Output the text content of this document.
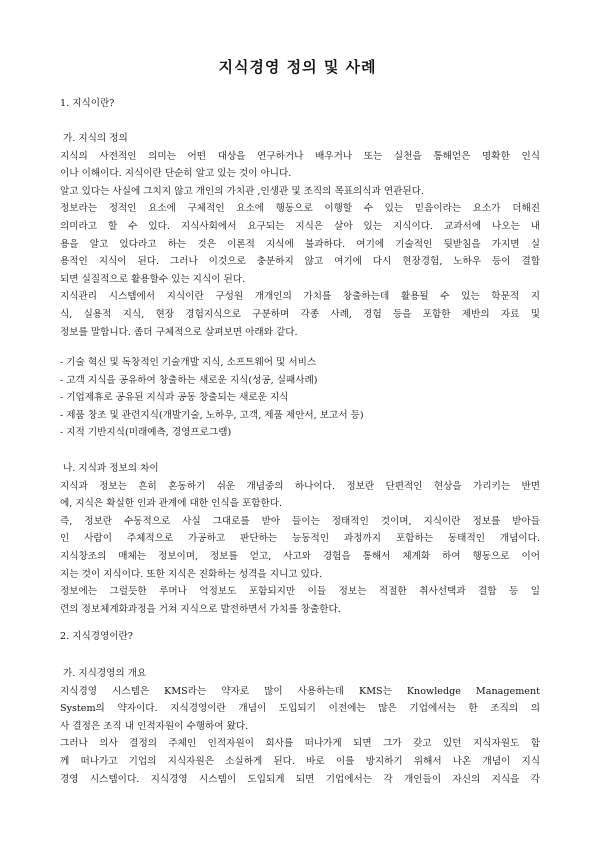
지식경영 정의 및 사례

1. 지식이란?

가. 지식의 정의

지식의 사전적인 의미는 어떤 대상을 연구하거나 배우거나 또는 실천을 통해얻은 명확한 인식

이나 이해이다. 지식이란 단순히 알고 있는 것이 아니다.

알고 있다는 사실에 그치지 않고 개인의 가치관 ,인생관 및 조직의 목표의식과 연관된다.

정보라는 정적인 요소에 구체적인 요소에 행동으로 이행할 수 있는 믿음이라는 요소가 더해진

의미라고 할 수 있다. 지식사회에서 요구되는 지식은 살아 있는 지식이다. 교과서에 나오는 내

용을 알고 있다라고 하는 것은 이론적 지식에 불과하다. 여기에 기술적인 뒷받침을 가지면 실

용적인 지식이 된다. 그러나 이것으로 충분하지 않고 여기에 다시 현장경험, 노하우 등이 결합

되면 실질적으로 활용할수 있는 지식이 된다.

지식관리 시스템에서 지식이란 구성원 개개인의 가치를 창출하는데 활용될 수 있는 학문적 지

식, 실용적 지식, 현장 경험지식으로 구분하며 각종 사례, 경험 등을 포함한 제반의 자료 및

정보를 말합니다. 좀더 구체적으로 살펴보면 아래와 같다.

- 기술 혁신 및 독창적인 기술개발 지식, 소프트웨어 및 서비스

- 고객 지식을 공유하여 창출하는 새로운 지식(성공, 실패사례)

- 기업제휴로 공유된 지식과 공동 창출되는 새로운 지식

- 제품 창조 및 관련지식(개발기술, 노하우, 고객, 제품 제안서, 보고서 등)

- 지적 기반지식(미래예측, 경영프로그램)

나. 지식과 정보의 차이

지식과 정보는 흔히 혼동하기 쉬운 개념중의 하나이다. 정보란 단편적인 현상을 가리키는 반면

에, 지식은 확실한 인과 관계에 대한 인식을 포함한다.

즉, 정보란 수동적으로 사실 그대로를 받아 들이는 정태적인 것이며, 지식이란 정보를 받아들

인 사람이 주체적으로 가공하고 판단하는 능동적인 과정까지 포함하는 동태적인 개념이다.

지식창조의 매체는 정보이며, 정보를 얻고, 사고와 경험을 통해서 체계화 하여 행동으로 이어

지는 것이 지식이다. 또한 지식은 진화하는 성격을 지니고 있다.

정보에는 그럴듯한 루머나 억정보도 포함되지만 이들 정보는 적절한 취사선택과 결합 등 일

련의 정보체계화과정을 거쳐 지식으로 발전하면서 가치를 창출한다.

2. 지식경영이란?

가. 지식경영의 개요

지식경영 시스템은 KMS라는 약자로 많이 사용하는데 KMS는 Knowledge Management

System의 약자이다. 지식경영이란 개념이 도입되기 이전에는 많은 기업에서는 한 조직의 의

사 결정은 조직 내 인적자원이 수행하여 왔다.

그러나 의사 결정의 주체인 인적자원이 회사를 떠나가게 되면 그가 갖고 있던 지식자원도 함

께 떠나가고 기업의 지식자원은 소실하게 된다. 바로 이를 방지하기 위해서 나온 개념이 지식

경영 시스템이다. 지식경영 시스템이 도입되게 되면 기업에서는 각 개인들이 자신의 지식을 각
